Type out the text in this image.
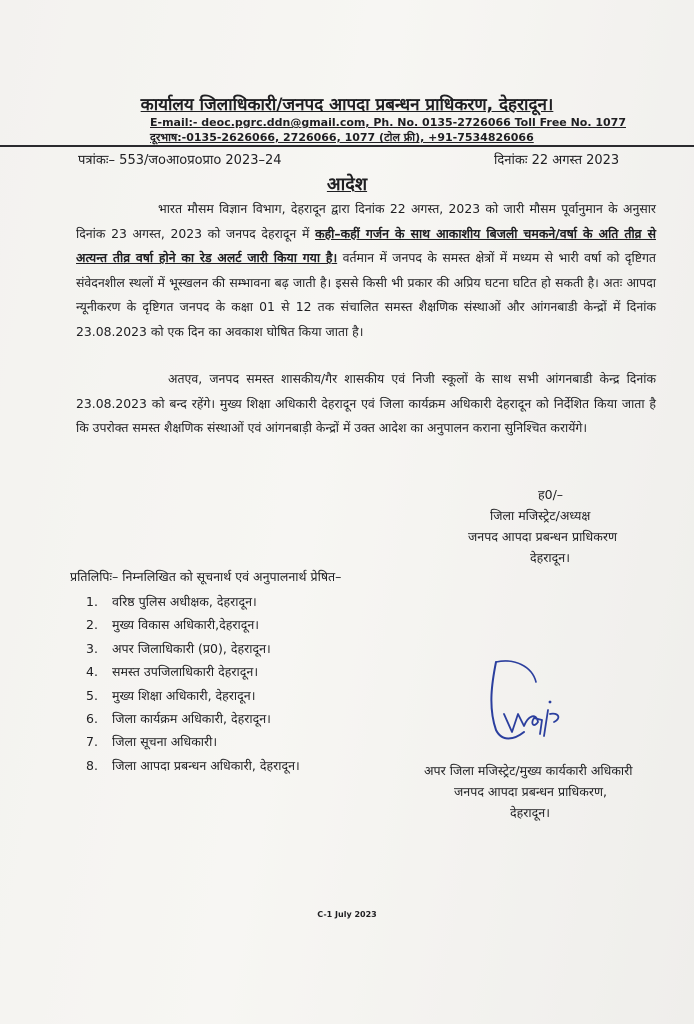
कार्यालय जिलाधिकारी/जनपद आपदा प्रबन्धन प्राधिकरण, देहरादून।
E-mail:- deoc.pgrc.ddn@gmail.com, Ph. No. 0135-2726066 Toll Free No. 1077
दूरभाष:-0135-2626066, 2726066, 1077 (टोल फ्री), +91-7534826066
पत्रांकः– 553/जoआoप्रoप्राo 2023–24	दिनांकः 22 अगस्त 2023
आदेश
भारत मौसम विज्ञान विभाग, देहरादून द्वारा दिनांक 22 अगस्त, 2023 को जारी मौसम पूर्वानुमान के अनुसार दिनांक 23 अगस्त, 2023 को जनपद देहरादून में कही–कहीं गर्जन के साथ आकाशीय बिजली चमकने/वर्षा के अति तीव्र से अत्यन्त तीव्र वर्षा होने का रेड अलर्ट जारी किया गया है। वर्तमान में जनपद के समस्त क्षेत्रों में मध्यम से भारी वर्षा को दृष्टिगत संवेदनशील स्थलों में भूस्खलन की सम्भावना बढ़ जाती है। इससे किसी भी प्रकार की अप्रिय घटना घटित हो सकती है। अतः आपदा न्यूनीकरण के दृष्टिगत जनपद के कक्षा 01 से 12 तक संचालित समस्त शैक्षणिक संस्थाओं और आंगनबाडी केन्द्रों में दिनांक 23.08.2023 को एक दिन का अवकाश घोषित किया जाता है।
अतएव, जनपद समस्त शासकीय/गैर शासकीय एवं निजी स्कूलों के साथ सभी आंगनबाडी केन्द्र दिनांक 23.08.2023 को बन्द रहेंगे। मुख्य शिक्षा अधिकारी देहरादून एवं जिला कार्यक्रम अधिकारी देहरादून को निर्देशित किया जाता है कि उपरोक्त समस्त शैक्षणिक संस्थाओं एवं आंगनबाड़ी केन्द्रों में उक्त आदेश का अनुपालन कराना सुनिश्चित करायेंगे।
ह0/–
जिला मजिस्ट्रेट/अध्यक्ष
जनपद आपदा प्रबन्धन प्राधिकरण
देहरादून।
प्रतिलिपिः– निम्नलिखित को सूचनार्थ एवं अनुपालनार्थ प्रेषित–
1. वरिष्ठ पुलिस अधीक्षक, देहरादून।
2. मुख्य विकास अधिकारी,देहरादून।
3. अपर जिलाधिकारी (प्र0), देहरादून।
4. समस्त उपजिलाधिकारी देहरादून।
5. मुख्य शिक्षा अधिकारी, देहरादून।
6. जिला कार्यक्रम अधिकारी, देहरादून।
7. जिला सूचना अधिकारी।
8. जिला आपदा प्रबन्धन अधिकारी, देहरादून।	अपर जिला मजिस्ट्रेट/मुख्य कार्यकारी अधिकारी
जनपद आपदा प्रबन्धन प्राधिकरण,
देहरादून।
C-1 July 2023
